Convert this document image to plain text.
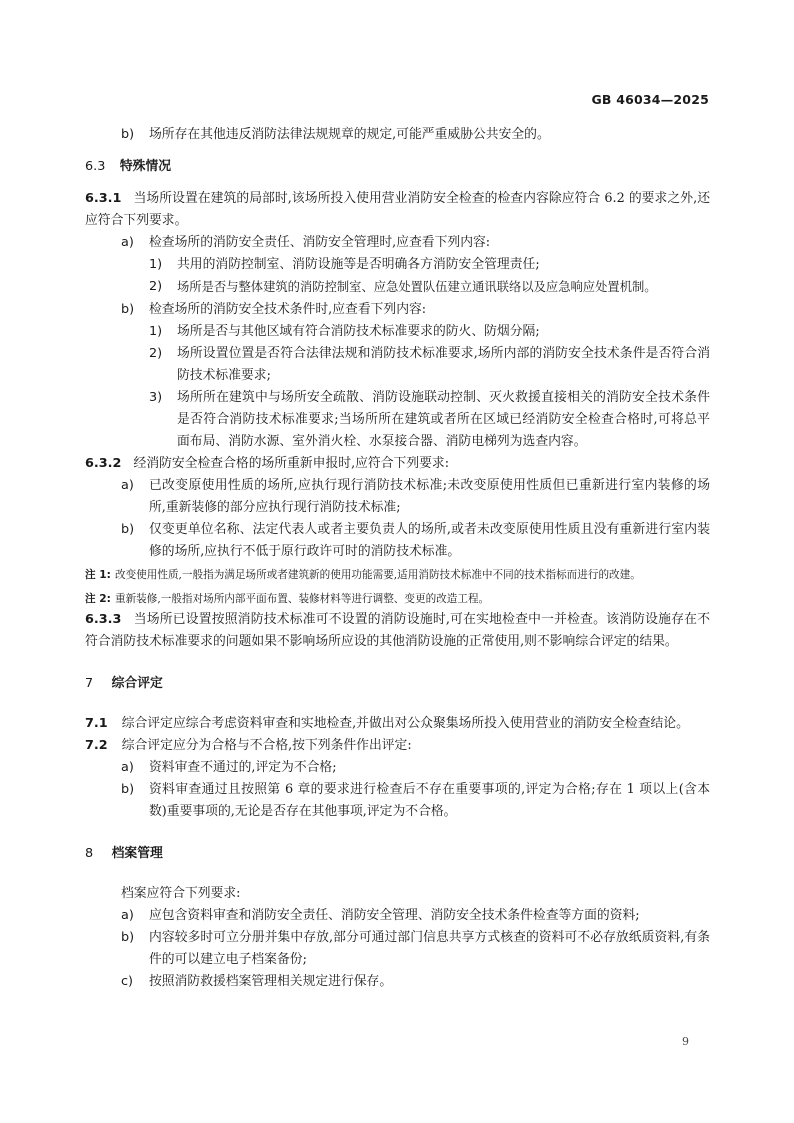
GB 46034—2025
b) 场所存在其他违反消防法律法规规章的规定,可能严重威胁公共安全的。
6.3 特殊情况
6.3.1 当场所设置在建筑的局部时,该场所投入使用营业消防安全检查的检查内容除应符合 6.2 的要求之外,还应符合下列要求。
a) 检查场所的消防安全责任、消防安全管理时,应查看下列内容:
1) 共用的消防控制室、消防设施等是否明确各方消防安全管理责任;
2) 场所是否与整体建筑的消防控制室、应急处置队伍建立通讯联络以及应急响应处置机制。
b) 检查场所的消防安全技术条件时,应查看下列内容:
1) 场所是否与其他区域有符合消防技术标准要求的防火、防烟分隔;
2) 场所设置位置是否符合法律法规和消防技术标准要求,场所内部的消防安全技术条件是否符合消防技术标准要求;
3) 场所所在建筑中与场所安全疏散、消防设施联动控制、灭火救援直接相关的消防安全技术条件是否符合消防技术标准要求;当场所所在建筑或者所在区域已经消防安全检查合格时,可将总平面布局、消防水源、室外消火栓、水泵接合器、消防电梯列为选查内容。
6.3.2 经消防安全检查合格的场所重新申报时,应符合下列要求:
a) 已改变原使用性质的场所,应执行现行消防技术标准;未改变原使用性质但已重新进行室内装修的场所,重新装修的部分应执行现行消防技术标准;
b) 仅变更单位名称、法定代表人或者主要负责人的场所,或者未改变原使用性质且没有重新进行室内装修的场所,应执行不低于原行政许可时的消防技术标准。
注 1: 改变使用性质,一般指为满足场所或者建筑新的使用功能需要,适用消防技术标准中不同的技术指标而进行的改建。
注 2: 重新装修,一般指对场所内部平面布置、装修材料等进行调整、变更的改造工程。
6.3.3 当场所已设置按照消防技术标准可不设置的消防设施时,可在实地检查中一并检查。该消防设施存在不符合消防技术标准要求的问题如果不影响场所应设的其他消防设施的正常使用,则不影响综合评定的结果。
7 综合评定
7.1 综合评定应综合考虑资料审查和实地检查,并做出对公众聚集场所投入使用营业的消防安全检查结论。
7.2 综合评定应分为合格与不合格,按下列条件作出评定:
a) 资料审查不通过的,评定为不合格;
b) 资料审查通过且按照第 6 章的要求进行检查后不存在重要事项的,评定为合格;存在 1 项以上(含本数)重要事项的,无论是否存在其他事项,评定为不合格。
8 档案管理
档案应符合下列要求:
a) 应包含资料审查和消防安全责任、消防安全管理、消防安全技术条件检查等方面的资料;
b) 内容较多时可立分册并集中存放,部分可通过部门信息共享方式核查的资料可不必存放纸质资料,有条件的可以建立电子档案备份;
c) 按照消防救援档案管理相关规定进行保存。
9
